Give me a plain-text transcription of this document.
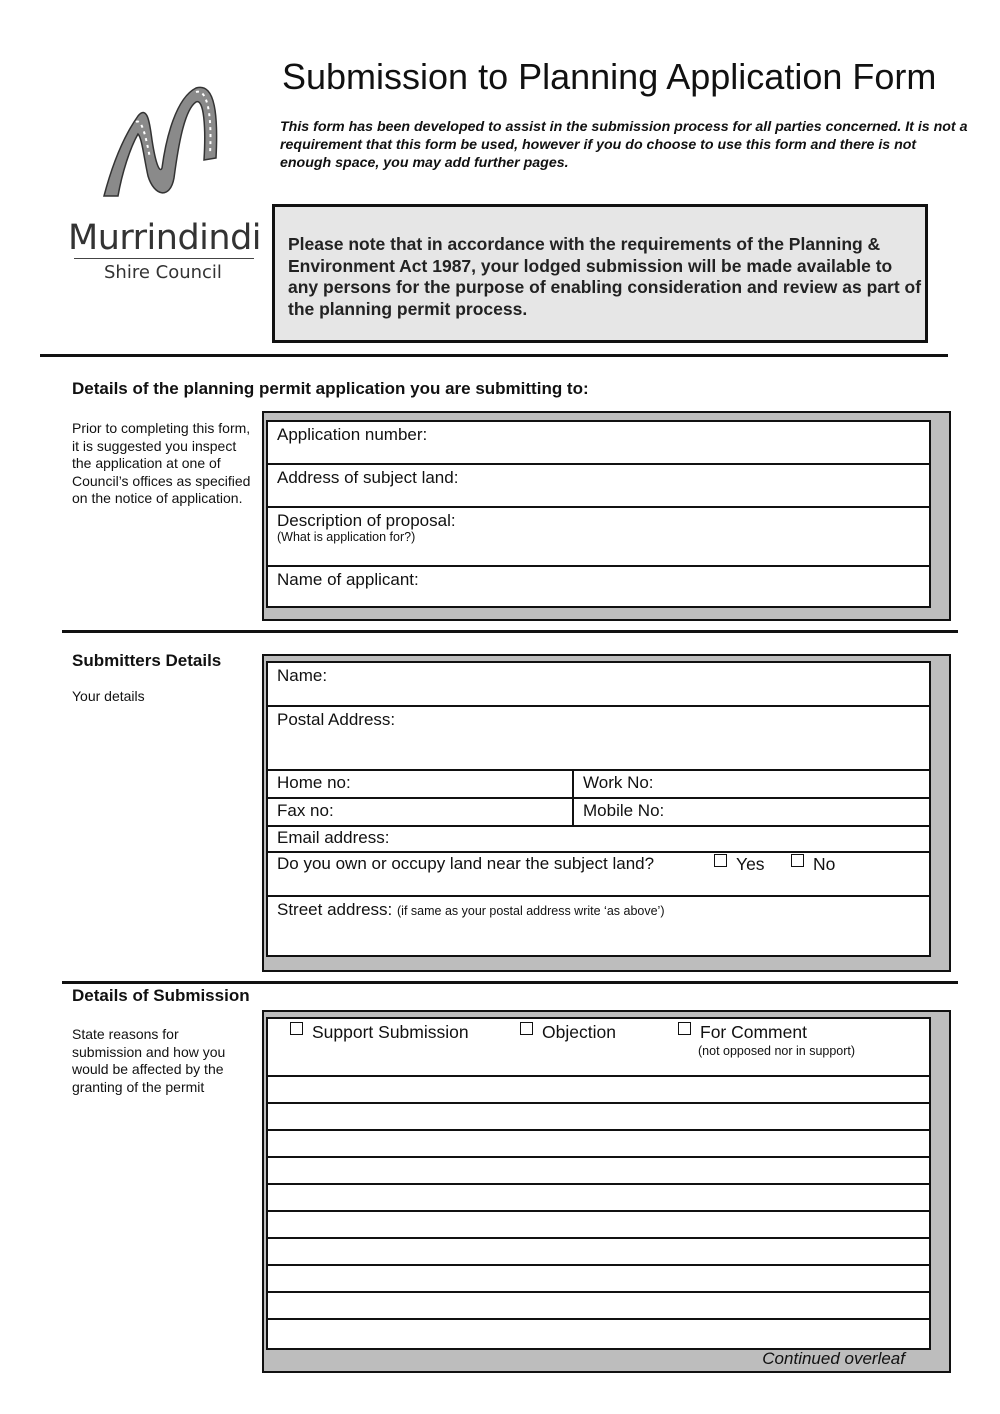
Murrindindi
Shire Council
Submission to Planning Application Form
This form has been developed to assist in the submission process for all parties concerned. It is not a requirement that this form be used, however if you do choose to use this form and there is not enough space, you may add further pages.

Please note that in accordance with the requirements of the Planning & Environment Act 1987, your lodged submission will be made available to any persons for the purpose of enabling consideration and review as part of the planning permit process.

Details of the planning permit application you are submitting to:
Prior to completing this form, it is suggested you inspect the application at one of Council’s offices as specified on the notice of application.
Application number:
Address of subject land:
Description of proposal:
(What is application for?)
Name of applicant:
Submitters Details
Your details
Name:
Postal Address:
Home no:	Work No:
Fax no:	Mobile No:
Email address:
Do you own or occupy land near the subject land?	Yes	No
Street address: (if same as your postal address write ‘as above’)
Details of Submission
State reasons for submission and how you would be affected by the granting of the permit
Support Submission	Objection	For Comment
(not opposed nor in support)
Continued overleaf
